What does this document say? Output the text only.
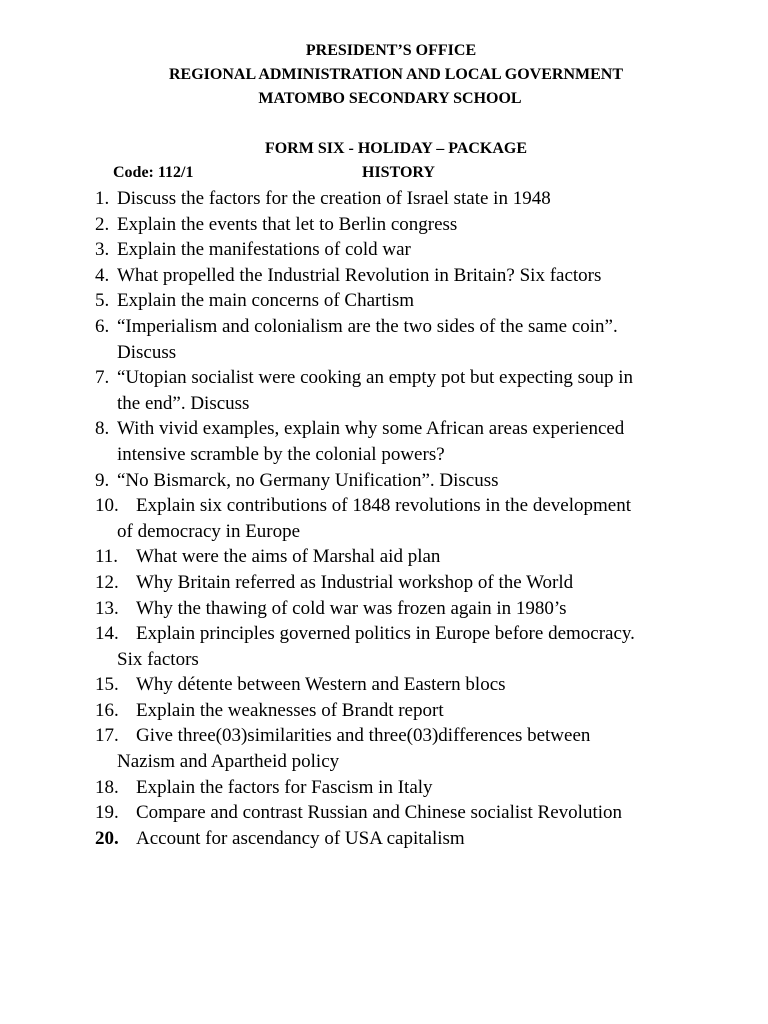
PRESIDENT’S OFFICE
REGIONAL ADMINISTRATION AND LOCAL GOVERNMENT
MATOMBO SECONDARY SCHOOL
FORM SIX - HOLIDAY – PACKAGE
Code: 112/1	HISTORY
1. Discuss the factors for the creation of Israel state in 1948
2. Explain the events that let to Berlin congress
3. Explain the manifestations of cold war
4. What propelled the Industrial Revolution in Britain? Six factors
5. Explain the main concerns of Chartism
6. “Imperialism and colonialism are the two sides of the same coin”.
Discuss
7. “Utopian socialist were cooking an empty pot but expecting soup in
the end”. Discuss
8. With vivid examples, explain why some African areas experienced
intensive scramble by the colonial powers?
9. “No Bismarck, no Germany Unification”. Discuss
10. Explain six contributions of 1848 revolutions in the development
of democracy in Europe
11. What were the aims of Marshal aid plan
12. Why Britain referred as Industrial workshop of the World
13. Why the thawing of cold war was frozen again in 1980’s
14. Explain principles governed politics in Europe before democracy.
Six factors
15. Why détente between Western and Eastern blocs
16. Explain the weaknesses of Brandt report
17. Give three(03)similarities and three(03)differences between
Nazism and Apartheid policy
18. Explain the factors for Fascism in Italy
19. Compare and contrast Russian and Chinese socialist Revolution
20. Account for ascendancy of USA capitalism
